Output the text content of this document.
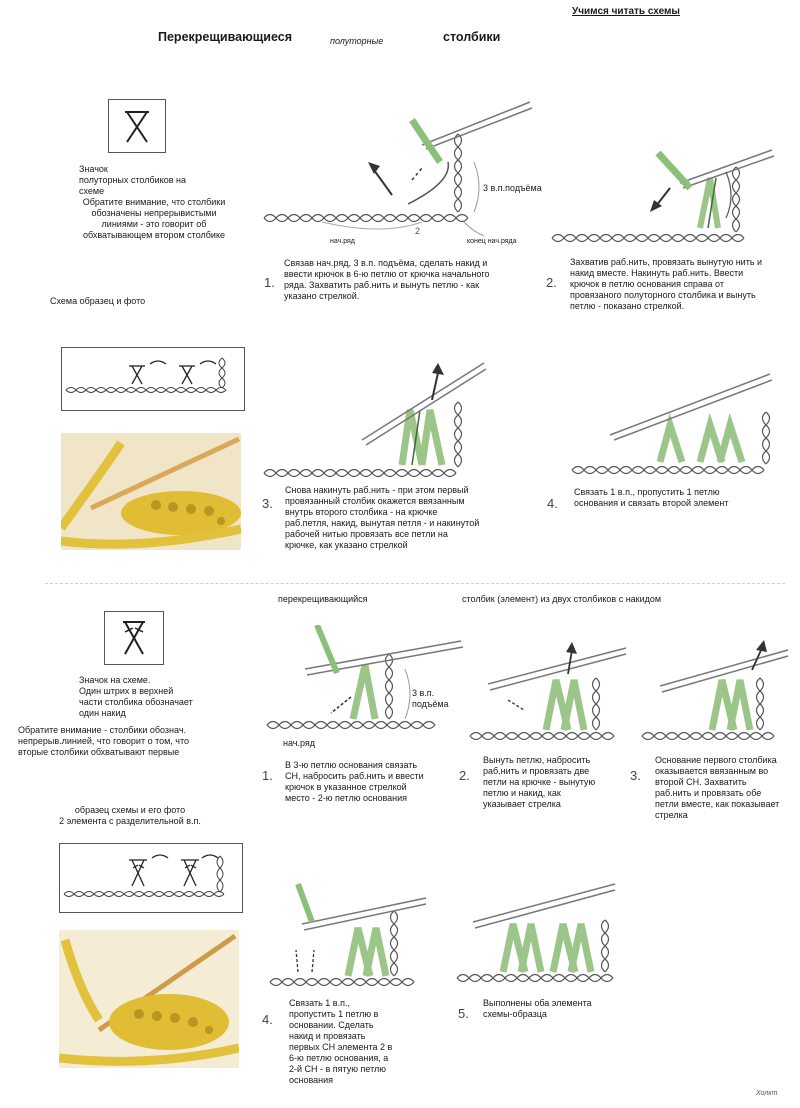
Учимся читать схемы
Перекрещивающиеся	полуторные	столбики
Значок
полуторных столбиков на
схеме
Обратите внимание, что столбики
обозначены непрерывистыми
линиями - это говорит об
обхватывающем втором столбике
Схема образец и фото
3 в.п.подъёма
нач.ряд
2
конец нач.ряда
1.
Связав нач.ряд, 3 в.п. подъёма, сделать накид и
ввести крючок в 6-ю петлю от крючка начального
ряда. Захватить раб.нить и вынуть петлю - как
указано стрелкой.
2.
Захватив раб.нить, провязать вынутую нить и
накид вместе. Накинуть раб.нить. Ввести
крючок в петлю основания справа от
провязаного полуторного столбика и вынуть
петлю - показано стрелкой.
3.
Снова накинуть раб.нить - при этом первый
провязанный столбик окажется ввязанным
внутрь второго столбика - на крючке
раб.петля, накид, вынутая петля - и накинутой
рабочей нитью провязать все петли на
крючке, как указано стрелкой
4.
Связать 1 в.п., пропустить 1 петлю
основания и связать второй элемент
перекрещивающийся	столбик (элемент) из двух столбиков с накидом
Значок на схеме.
Один штрих в верхней
части столбика обозначает
один накид
Обратите внимание - столбики обознач.
непрерыв.линией, что говорит о том, что
вторые столбики обхватывают первые
образец схемы и его фото
2 элемента с разделительной в.п.
3 в.п.
подъёма
нач.ряд
1.
В 3-ю петлю основания связать
СН, набросить раб.нить и ввести
крючок в указанное стрелкой
место - 2-ю петлю основания
2.
Вынуть петлю, набросить
раб.нить и провязать две
петли на крючке - вынутую
петлю и накид, как
указывает стрелка
3.
Основание первого столбика
оказывается ввязанным во
второй СН. Захватить
раб.нить и провязать обе
петли вместе, как показывает
стрелка
4.
Связать 1 в.п.,
пропустить 1 петлю в
основании. Сделать
накид и провязать
первых СН элемента 2 в
6-ю петлю основания, а
2-й СН - в пятую петлю
основания
5.
Выполнены оба элемента
схемы-образца
Холкт
